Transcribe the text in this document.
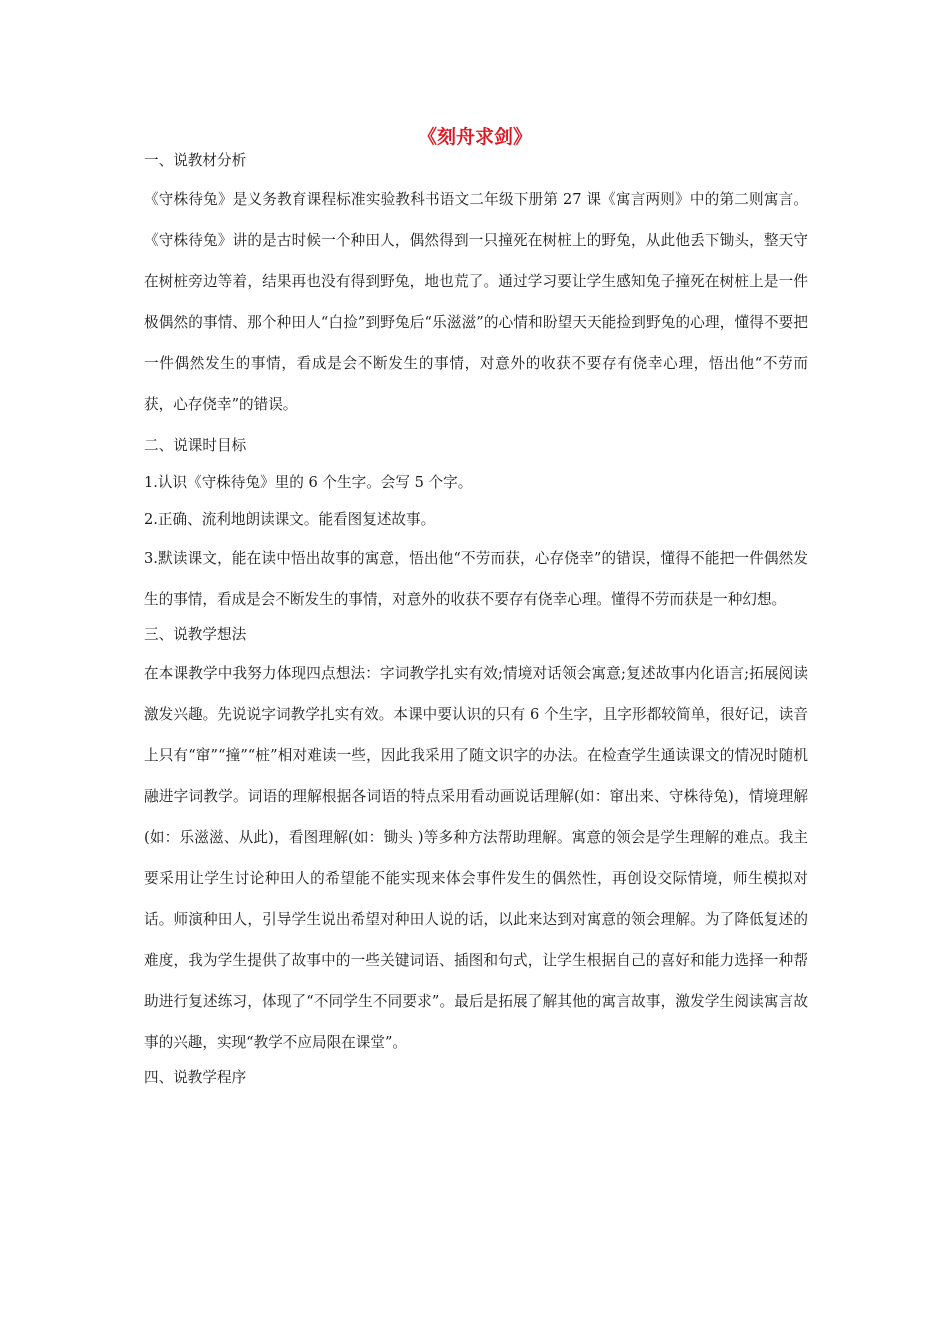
《刻舟求剑》
一、说教材分析

《守株待兔》是义务教育课程标准实验教科书语文二年级下册第 27 课《寓言两则》中的第二则寓言。《守株待兔》讲的是古时候一个种田人，偶然得到一只撞死在树桩上的野兔，从此他丢下锄头，整天守在树桩旁边等着，结果再也没有得到野兔，地也荒了。通过学习要让学生感知兔子撞死在树桩上是一件极偶然的事情、那个种田人“白捡”到野兔后“乐滋滋”的心情和盼望天天能捡到野兔的心理，懂得不要把一件偶然发生的事情，看成是会不断发生的事情，对意外的收获不要存有侥幸心理，悟出他“不劳而获，心存侥幸”的错误。

二、说课时目标

1.认识《守株待兔》里的 6 个生字。会写 5 个字。

2.正确、流利地朗读课文。能看图复述故事。

3.默读课文，能在读中悟出故事的寓意，悟出他“不劳而获，心存侥幸”的错误，懂得不能把一件偶然发生的事情，看成是会不断发生的事情，对意外的收获不要存有侥幸心理。懂得不劳而获是一种幻想。

三、说教学想法

在本课教学中我努力体现四点想法：字词教学扎实有效;情境对话领会寓意;复述故事内化语言;拓展阅读激发兴趣。先说说字词教学扎实有效。本课中要认识的只有 6 个生字，且字形都较简单，很好记，读音上只有“窜”“撞”“桩”相对难读一些，因此我采用了随文识字的办法。在检查学生通读课文的情况时随机融进字词教学。词语的理解根据各词语的特点采用看动画说话理解(如：窜出来、守株待兔)，情境理解(如：乐滋滋、从此)，看图理解(如：锄头 )等多种方法帮助理解。寓意的领会是学生理解的难点。我主要采用让学生讨论种田人的希望能不能实现来体会事件发生的偶然性，再创设交际情境，师生模拟对话。师演种田人，引导学生说出希望对种田人说的话，以此来达到对寓意的领会理解。为了降低复述的难度，我为学生提供了故事中的一些关键词语、插图和句式，让学生根据自己的喜好和能力选择一种帮助进行复述练习，体现了“不同学生不同要求”。最后是拓展了解其他的寓言故事，激发学生阅读寓言故事的兴趣，实现“教学不应局限在课堂”。

四、说教学程序
